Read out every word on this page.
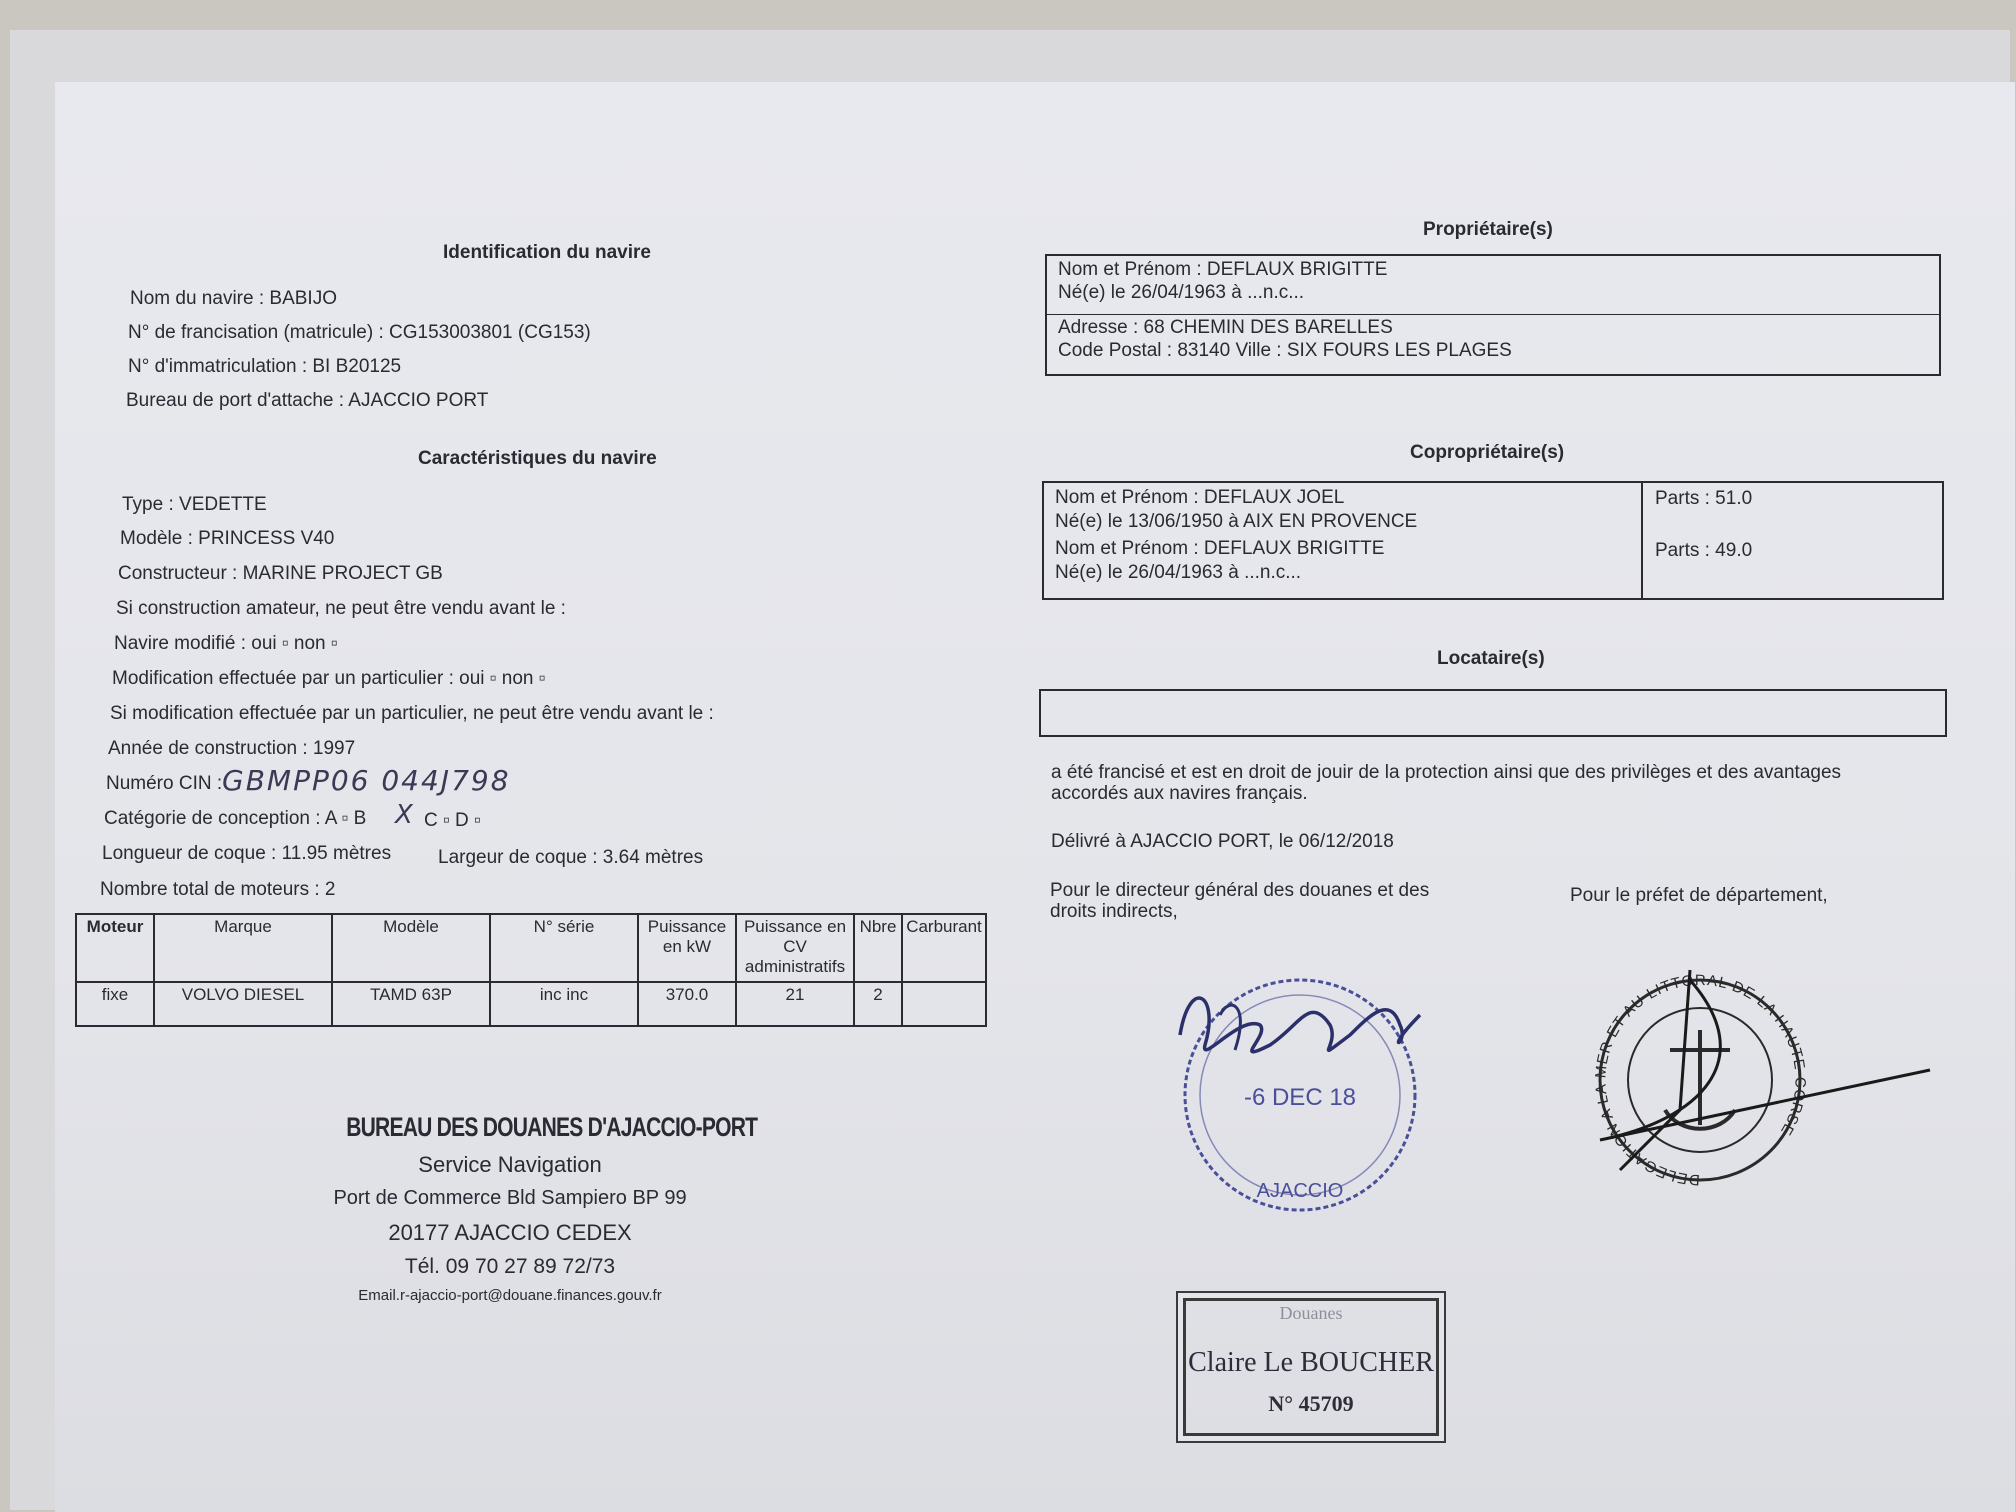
Identification du navire
Nom du navire : BABIJO
N° de francisation (matricule) : CG153003801 (CG153)
N° d'immatriculation : BI B20125
Bureau de port d'attache : AJACCIO PORT
Caractéristiques du navire
Type : VEDETTE
Modèle : PRINCESS V40
Constructeur : MARINE PROJECT GB
Si construction amateur, ne peut être vendu avant le :
Navire modifié : oui ▫ non ▫
Modification effectuée par un particulier : oui ▫ non ▫
Si modification effectuée par un particulier, ne peut être vendu avant le :
Année de construction : 1997
Numéro CIN : GBMPP06 044J798
Catégorie de conception : A ▫ B X C ▫ D ▫
Longueur de coque : 11.95 mètres Largeur de coque : 3.64 mètres
Nombre total de moteurs : 2
Moteur	Marque	Modèle	N° série	Puissance en kW	Puissance en CV administratifs	Nbre	Carburant
fixe	VOLVO DIESEL	TAMD 63P	inc inc	370.0	21	2	
BUREAU DES DOUANES D'AJACCIO-PORT
Service Navigation
Port de Commerce Bld Sampiero BP 99
20177 AJACCIO CEDEX
Tél. 09 70 27 89 72/73
Email.r-ajaccio-port@douane.finances.gouv.fr
Propriétaire(s)
Nom et Prénom : DEFLAUX BRIGITTE
Né(e) le 26/04/1963 à ...n.c...
Adresse : 68 CHEMIN DES BARELLES
Code Postal : 83140 Ville : SIX FOURS LES PLAGES
Copropriétaire(s)
Nom et Prénom : DEFLAUX JOEL
Né(e) le 13/06/1950 à AIX EN PROVENCE
Parts : 51.0
Nom et Prénom : DEFLAUX BRIGITTE
Né(e) le 26/04/1963 à ...n.c...
Parts : 49.0
Locataire(s)
a été francisé et est en droit de jouir de la protection ainsi que des privilèges et des avantages
accordés aux navires français.
Délivré à AJACCIO PORT, le 06/12/2018
Pour le directeur général des douanes et des
droits indirects,
Pour le préfet de département,
-6 DEC 18
AJACCIO
DELEGATION A LA MER ET AU LITTORAL DE LA HAUTE-CORSE
Douanes
Claire Le BOUCHER
N° 45709
